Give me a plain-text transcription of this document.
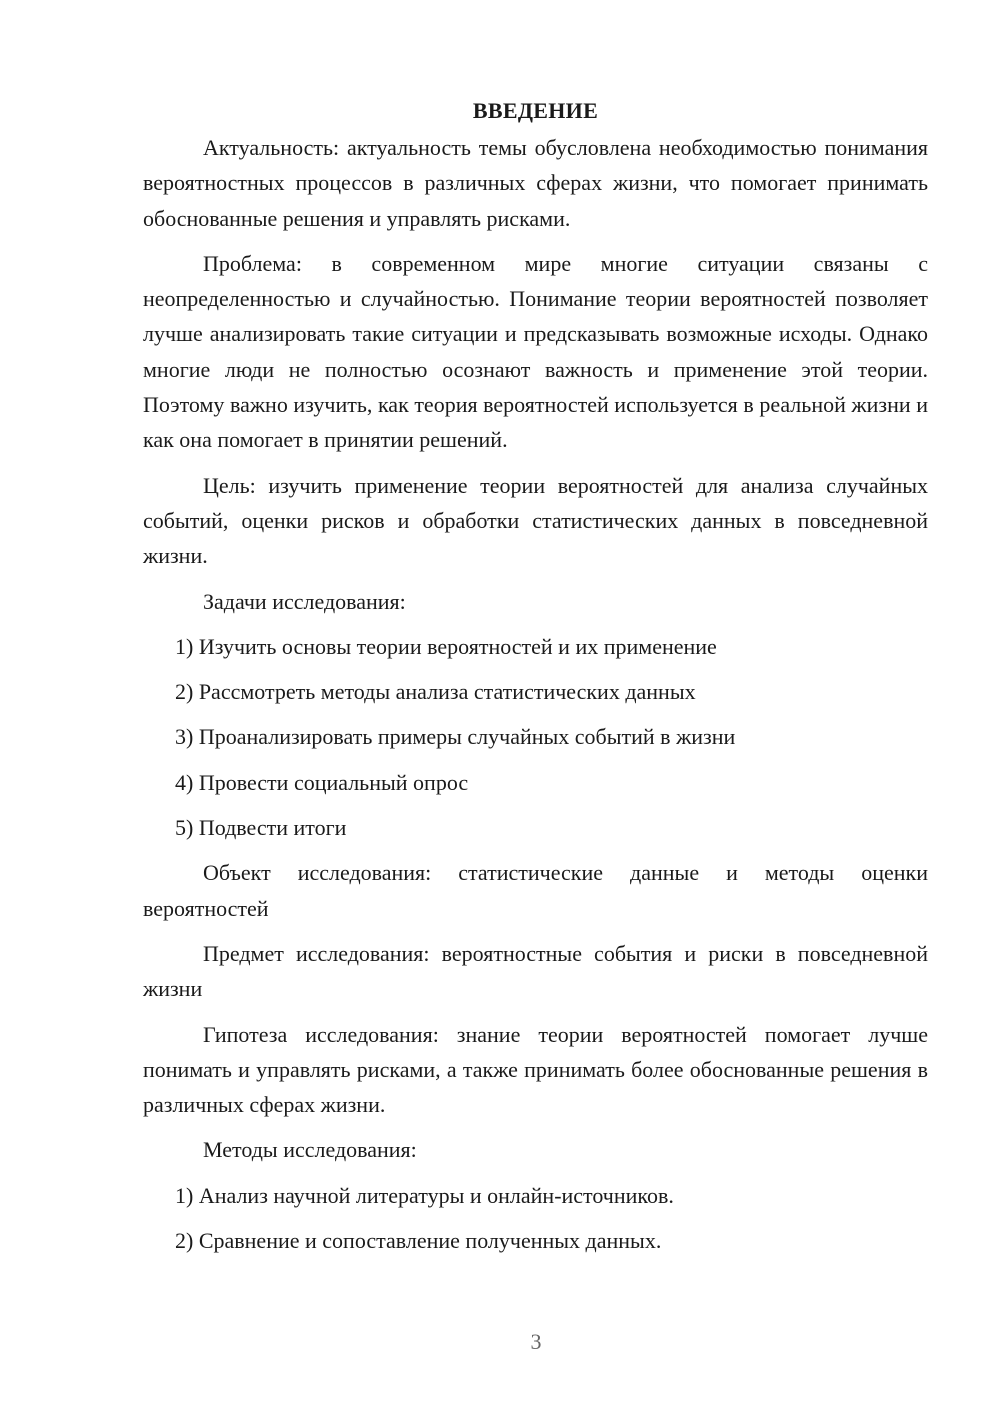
ВВЕДЕНИЕ

Актуальность: актуальность темы обусловлена необходимостью понимания вероятностных процессов в различных сферах жизни, что помогает принимать обоснованные решения и управлять рисками.

Проблема: в современном мире многие ситуации связаны с неопределенностью и случайностью. Понимание теории вероятностей позволяет лучше анализировать такие ситуации и предсказывать возможные исходы. Однако многие люди не полностью осознают важность и применение этой теории. Поэтому важно изучить, как теория вероятностей используется в реальной жизни и как она помогает в принятии решений.

Цель: изучить применение теории вероятностей для анализа случайных событий, оценки рисков и обработки статистических данных в повседневной жизни.

Задачи исследования:

1) Изучить основы теории вероятностей и их применение
2) Рассмотреть методы анализа статистических данных
3) Проанализировать примеры случайных событий в жизни
4) Провести социальный опрос
5) Подвести итоги

Объект исследования: статистические данные и методы оценки вероятностей

Предмет исследования: вероятностные события и риски в повседневной жизни

Гипотеза исследования: знание теории вероятностей помогает лучше понимать и управлять рисками, а также принимать более обоснованные решения в различных сферах жизни.

Методы исследования:

1) Анализ научной литературы и онлайн-источников.
2) Сравнение и сопоставление полученных данных.
3
